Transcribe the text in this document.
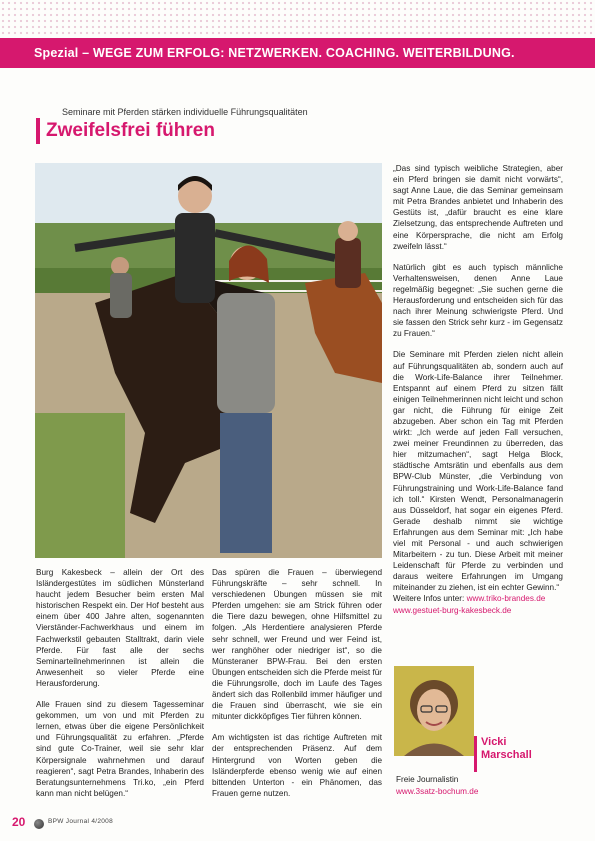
Spezial – WEGE ZUM ERFOLG: NETZWERKEN. COACHING. WEITERBILDUNG.
Seminare mit Pferden stärken individuelle Führungsqualitäten
Zweifelsfrei führen

Burg Kakesbeck – allein der Ort des Isländergestütes im südlichen Münsterland haucht jedem Besucher beim ersten Mal historischen Respekt ein. Der Hof besteht aus einem über 400 Jahre alten, sogenannten Vierständer-Fachwerkhaus und einem im Fachwerkstil gebauten Stalltrakt, darin viele Pferde. Für fast alle der sechs Seminarteilnehmerinnen ist allein die Anwesenheit so vieler Pferde eine Herausforderung.

Alle Frauen sind zu diesem Tagesseminar gekommen, um von und mit Pferden zu lernen, etwas über die eigene Persönlichkeit und Führungsqualität zu erfahren. „Pferde sind gute Co-Trainer, weil sie sehr klar Körpersignale wahrnehmen und darauf reagieren“, sagt Petra Brandes, Inhaberin des Beratungsunternehmens Tri.ko, „ein Pferd kann man nicht belügen.“

Das spüren die Frauen – überwiegend Führungskräfte – sehr schnell. In verschiedenen Übungen müssen sie mit Pferden umgehen: sie am Strick führen oder die Tiere dazu bewegen, ohne Hilfsmittel zu folgen. „Als Herdentiere analysieren Pferde sehr schnell, wer Freund und wer Feind ist, wer ranghöher oder niedriger ist“, so die Münsteraner BPW-Frau. Bei den ersten Übungen entscheiden sich die Pferde meist für die Führungsrolle, doch im Laufe des Tages ändert sich das Rollenbild immer häufiger und die Frauen sind überrascht, wie sie ein mitunter dickköpfiges Tier führen können.

Am wichtigsten ist das richtige Auftreten mit der entsprechenden Präsenz. Auf dem Hintergrund von Worten geben die Isländerpferde ebenso wenig wie auf einen bittenden Unterton - ein Phänomen, das Frauen gerne nutzen.

„Das sind typisch weibliche Strategien, aber ein Pferd bringen sie damit nicht vorwärts“, sagt Anne Laue, die das Seminar gemeinsam mit Petra Brandes anbietet und Inhaberin des Gestüts ist, „dafür braucht es eine klare Zielsetzung, das entsprechende Auftreten und eine Körpersprache, die nicht am Erfolg zweifeln lässt.“

Natürlich gibt es auch typisch männliche Verhaltensweisen, denen Anne Laue regelmäßig begegnet: „Sie suchen gerne die Herausforderung und entscheiden sich für das nach ihrer Meinung schwierigste Pferd. Und sie fassen den Strick sehr kurz - im Gegensatz zu Frauen.“

Die Seminare mit Pferden zielen nicht allein auf Führungsqualitäten ab, sondern auch auf die Work-Life-Balance ihrer Teilnehmer. Entspannt auf einem Pferd zu sitzen fällt einigen Teilnehmerinnen nicht leicht und schon gar nicht, die Führung für einige Zeit abzugeben. Aber schon ein Tag mit Pferden wirkt: „Ich werde auf jeden Fall versuchen, zwei meiner Freundinnen zu überreden, das hier mitzumachen“, sagt Helga Block, städtische Amtsrätin und ebenfalls aus dem BPW-Club Münster, „die Verbindung von Führungstraining und Work-Life-Balance fand ich toll.“ Kirsten Wendt, Personalmanagerin aus Düsseldorf, hat sogar ein eigenes Pferd. Gerade deshalb nimmt sie wichtige Erfahrungen aus dem Seminar mit: „Ich habe viel mit Personal - und auch schwierigen Mitarbeitern - zu tun. Diese Arbeit mit meiner Leidenschaft für Pferde zu verbinden und daraus weitere Erfahrungen im Umgang miteinander zu ziehen, ist ein echter Gewinn.“

Weitere Infos unter: www.triko-brandes.de
www.gestuet-burg-kakesbeck.de
Vicki
Marschall
Freie Journalistin
www.3satz-bochum.de
20	BPW Journal 4/2008
